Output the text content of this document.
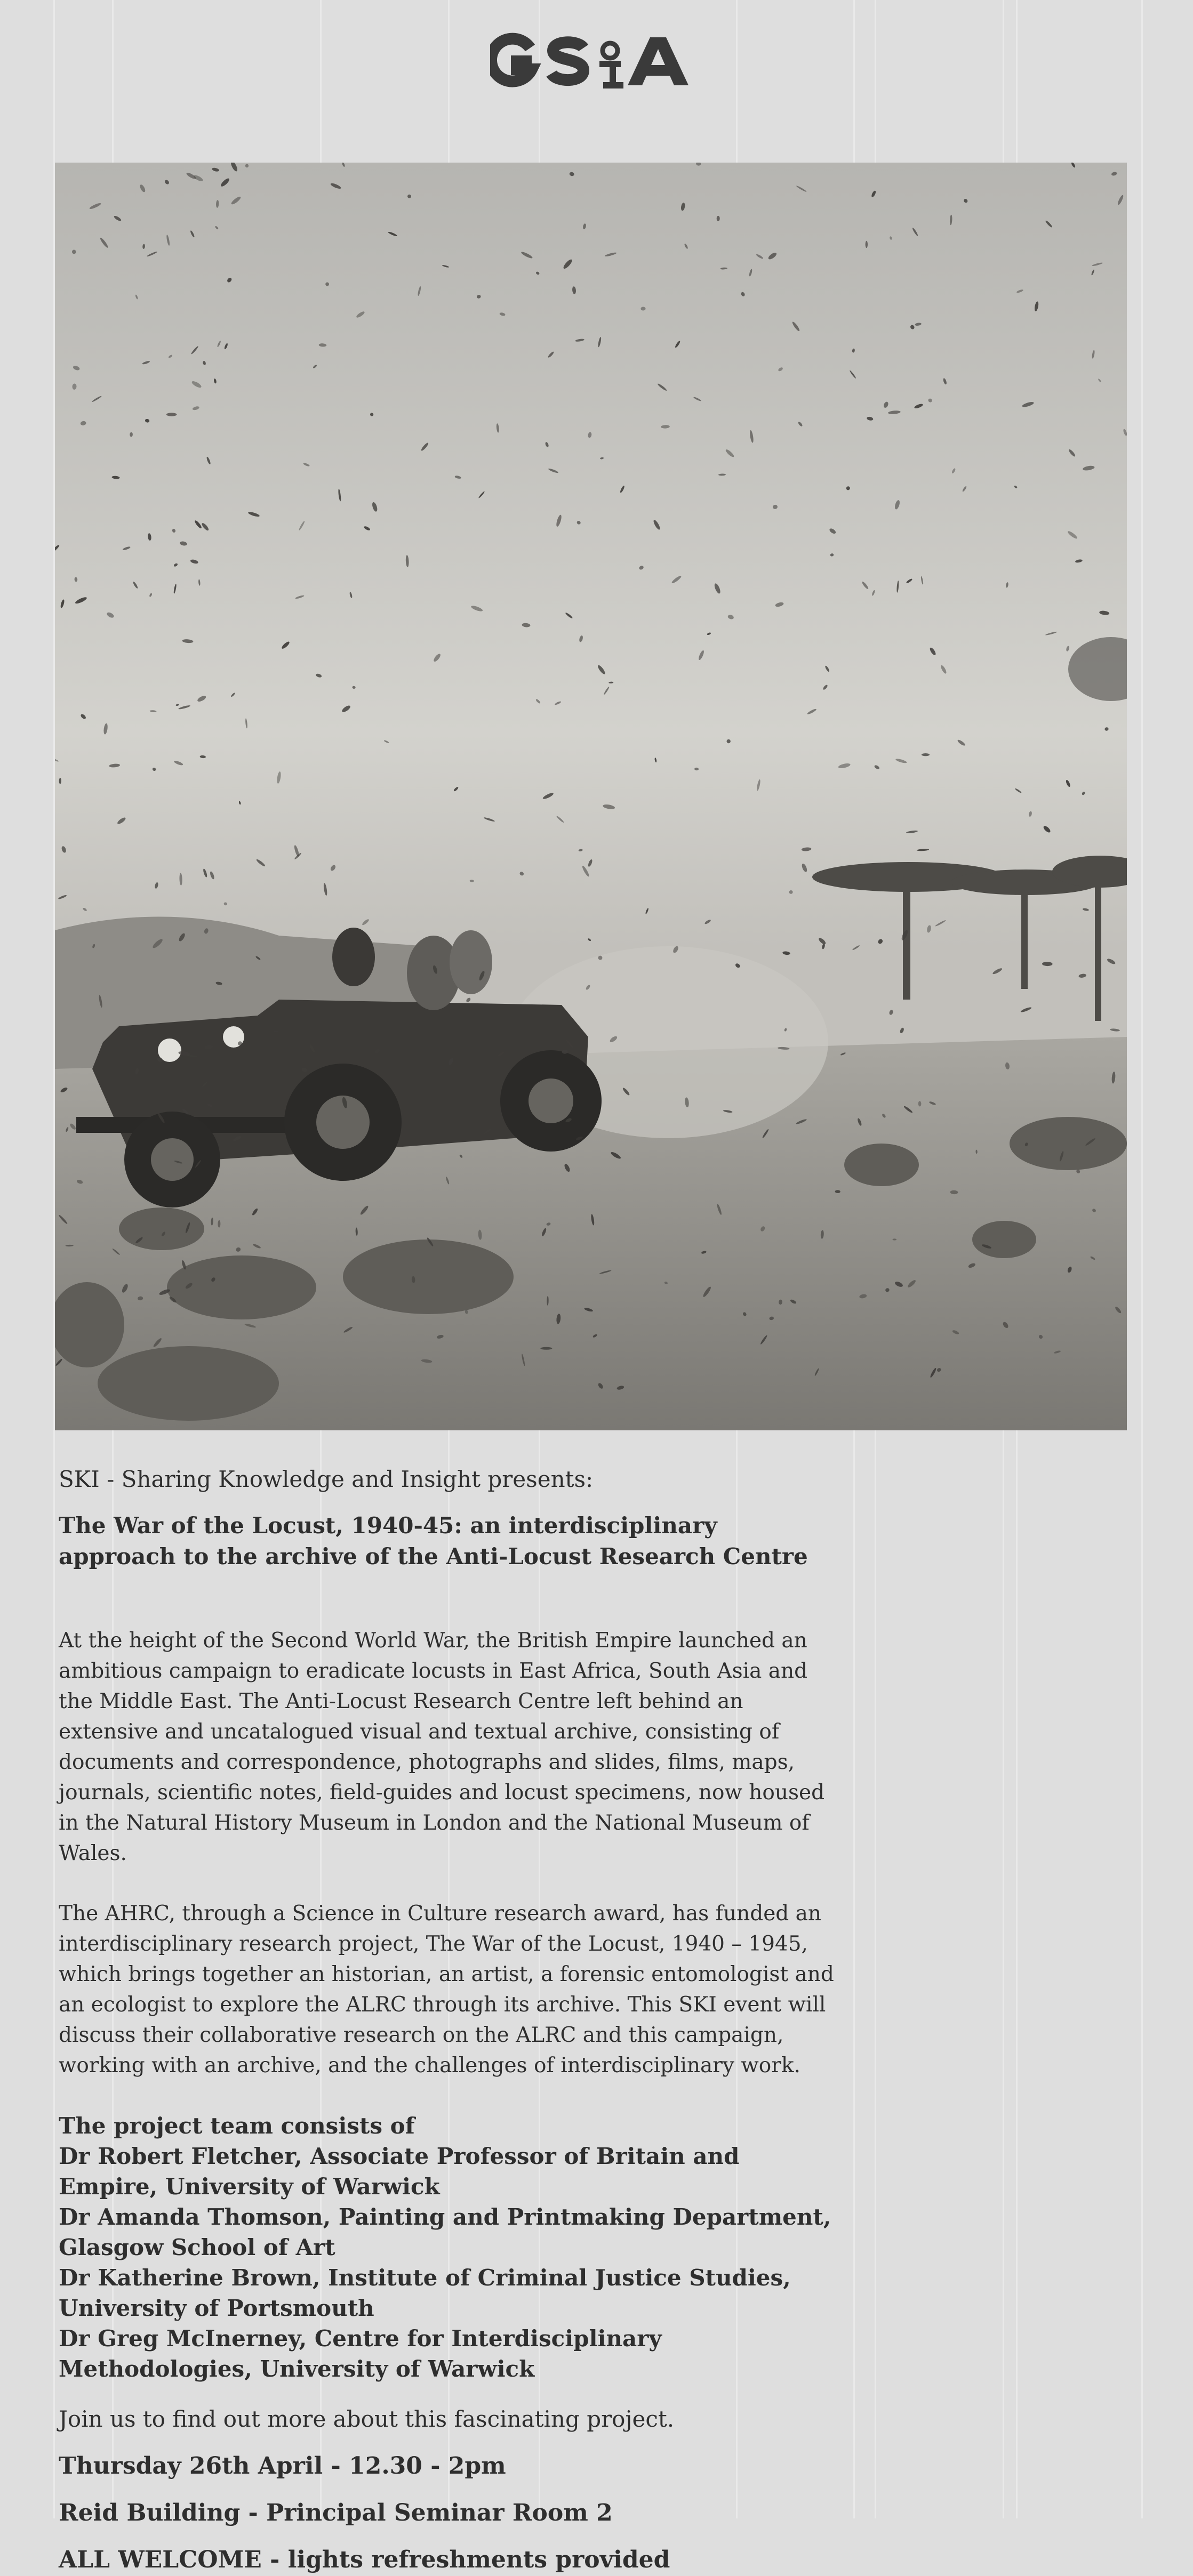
GSoA

SKI - Sharing Knowledge and Insight presents:

The War of the Locust, 1940-45: an interdisciplinary approach to the archive of the Anti-Locust Research Centre

At the height of the Second World War, the British Empire launched an ambitious campaign to eradicate locusts in East Africa, South Asia and the Middle East. The Anti-Locust Research Centre left behind an extensive and uncatalogued visual and textual archive, consisting of documents and correspondence, photographs and slides, films, maps, journals, scientific notes, field-guides and locust specimens, now housed in the Natural History Museum in London and the National Museum of Wales.

The AHRC, through a Science in Culture research award, has funded an interdisciplinary research project, The War of the Locust, 1940 – 1945, which brings together an historian, an artist, a forensic entomologist and an ecologist to explore the ALRC through its archive. This SKI event will discuss their collaborative research on the ALRC and this campaign, working with an archive, and the challenges of interdisciplinary work.

The project team consists of
Dr Robert Fletcher, Associate Professor of Britain and Empire, University of Warwick
Dr Amanda Thomson, Painting and Printmaking Department, Glasgow School of Art
Dr Katherine Brown, Institute of Criminal Justice Studies, University of Portsmouth
Dr Greg McInerney, Centre for Interdisciplinary Methodologies, University of Warwick

Join us to find out more about this fascinating project.

Thursday 26th April - 12.30 - 2pm

Reid Building - Principal Seminar Room 2

ALL WELCOME - lights refreshments provided
